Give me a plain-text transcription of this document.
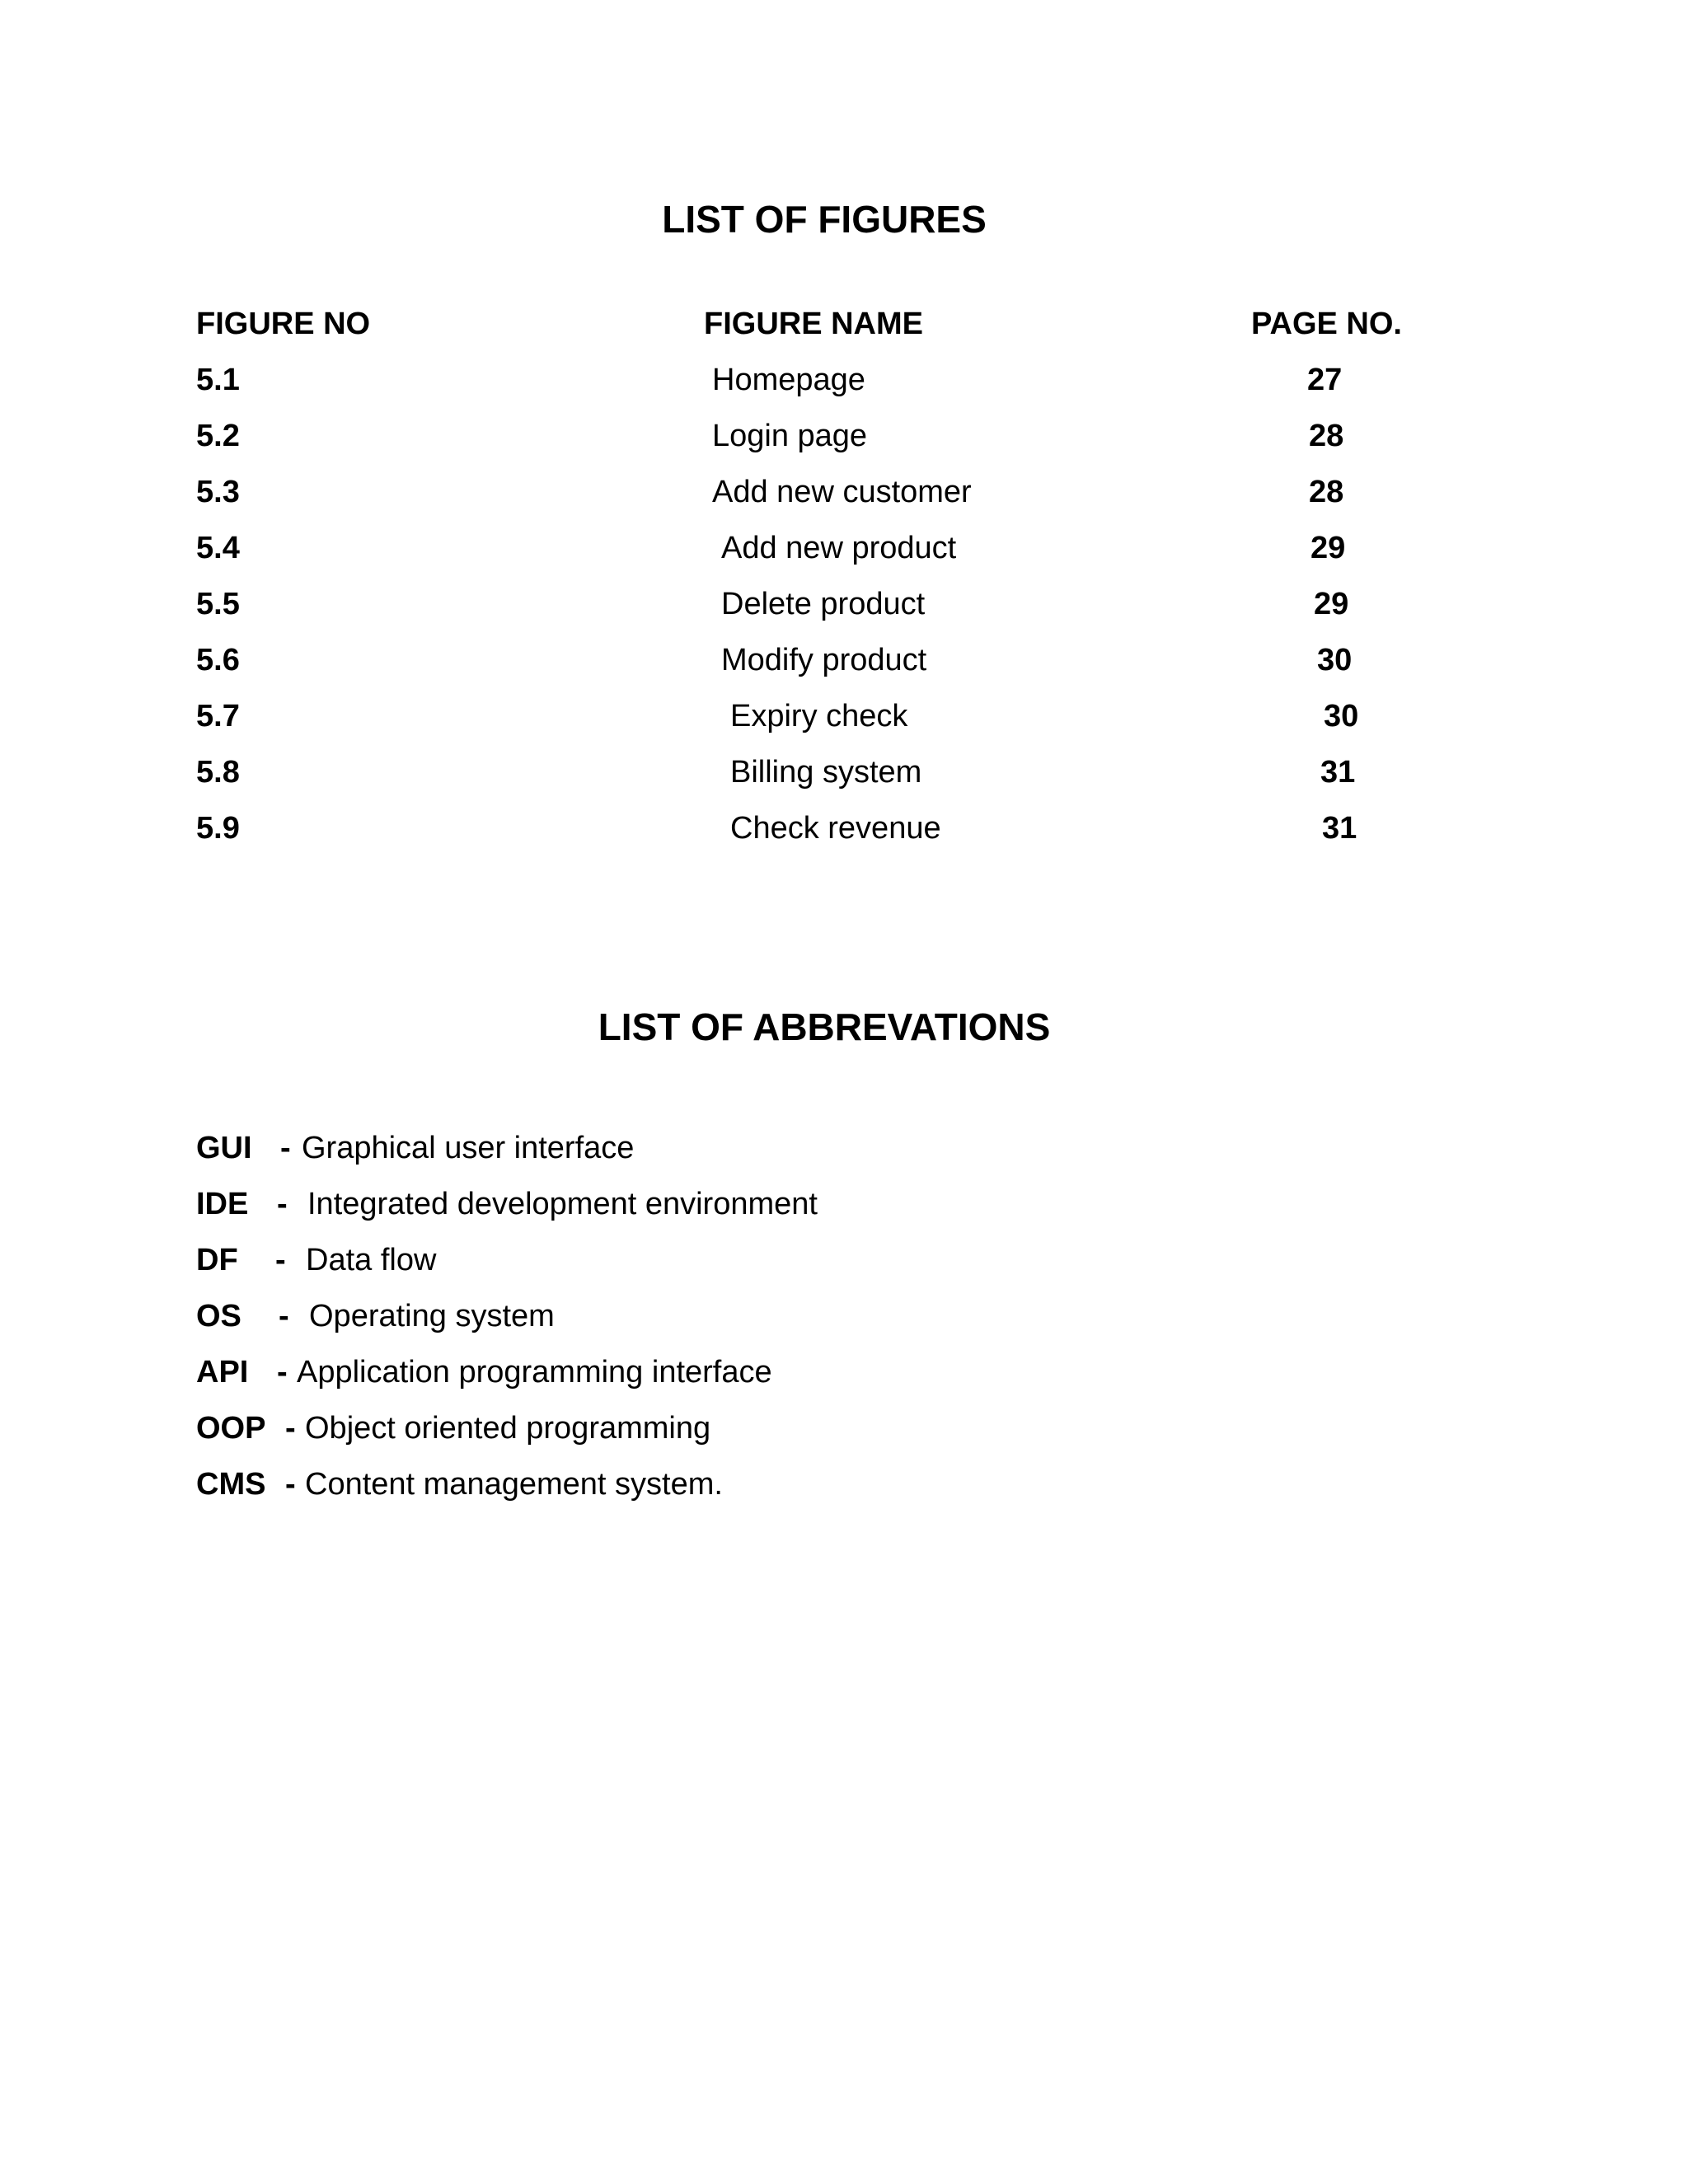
LIST OF FIGURES
FIGURE NO	FIGURE NAME	PAGE NO.
5.1	Homepage	27
5.2	Login page	28
5.3	Add new customer	28
5.4	Add new product	29
5.5	Delete product	29
5.6	Modify product	30
5.7	Expiry check	30
5.8	Billing system	31
5.9	Check revenue	31
LIST OF ABBREVATIONS
GUI - Graphical user interface
IDE - Integrated development environment
DF - Data flow
OS - Operating system
API - Application programming interface
OOP - Object oriented programming
CMS - Content management system.
